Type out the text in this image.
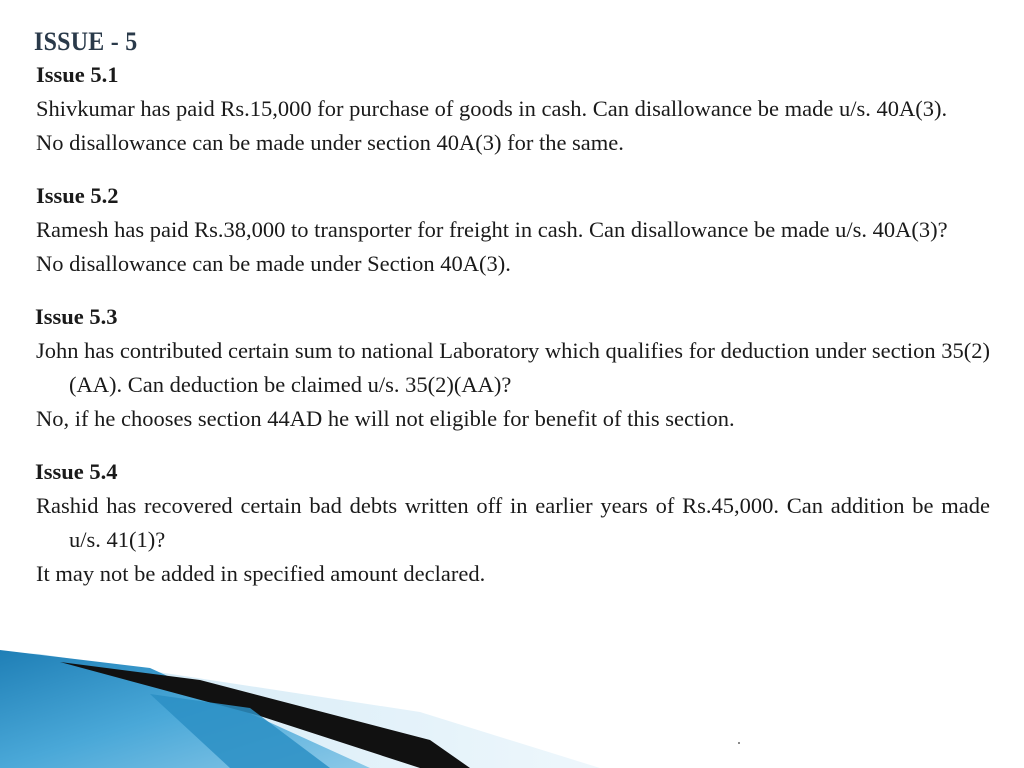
ISSUE - 5

Issue 5.1

Shivkumar has paid Rs.15,000 for purchase of goods in cash. Can disallowance be made u/s. 40A(3).

No disallowance can be made under section 40A(3) for the same.

Issue 5.2

Ramesh has paid Rs.38,000 to transporter for freight in cash. Can disallowance be made u/s. 40A(3)?

No disallowance can be made under Section 40A(3).

Issue 5.3

John has contributed certain sum to national Laboratory which qualifies for deduction under section 35(2)(AA). Can deduction be claimed u/s. 35(2)(AA)?

No, if he chooses section 44AD he will not eligible for benefit of this section.

Issue 5.4

Rashid has recovered certain bad debts written off in earlier years of Rs.45,000. Can addition be made u/s. 41(1)?

It may not be added in specified amount declared.
